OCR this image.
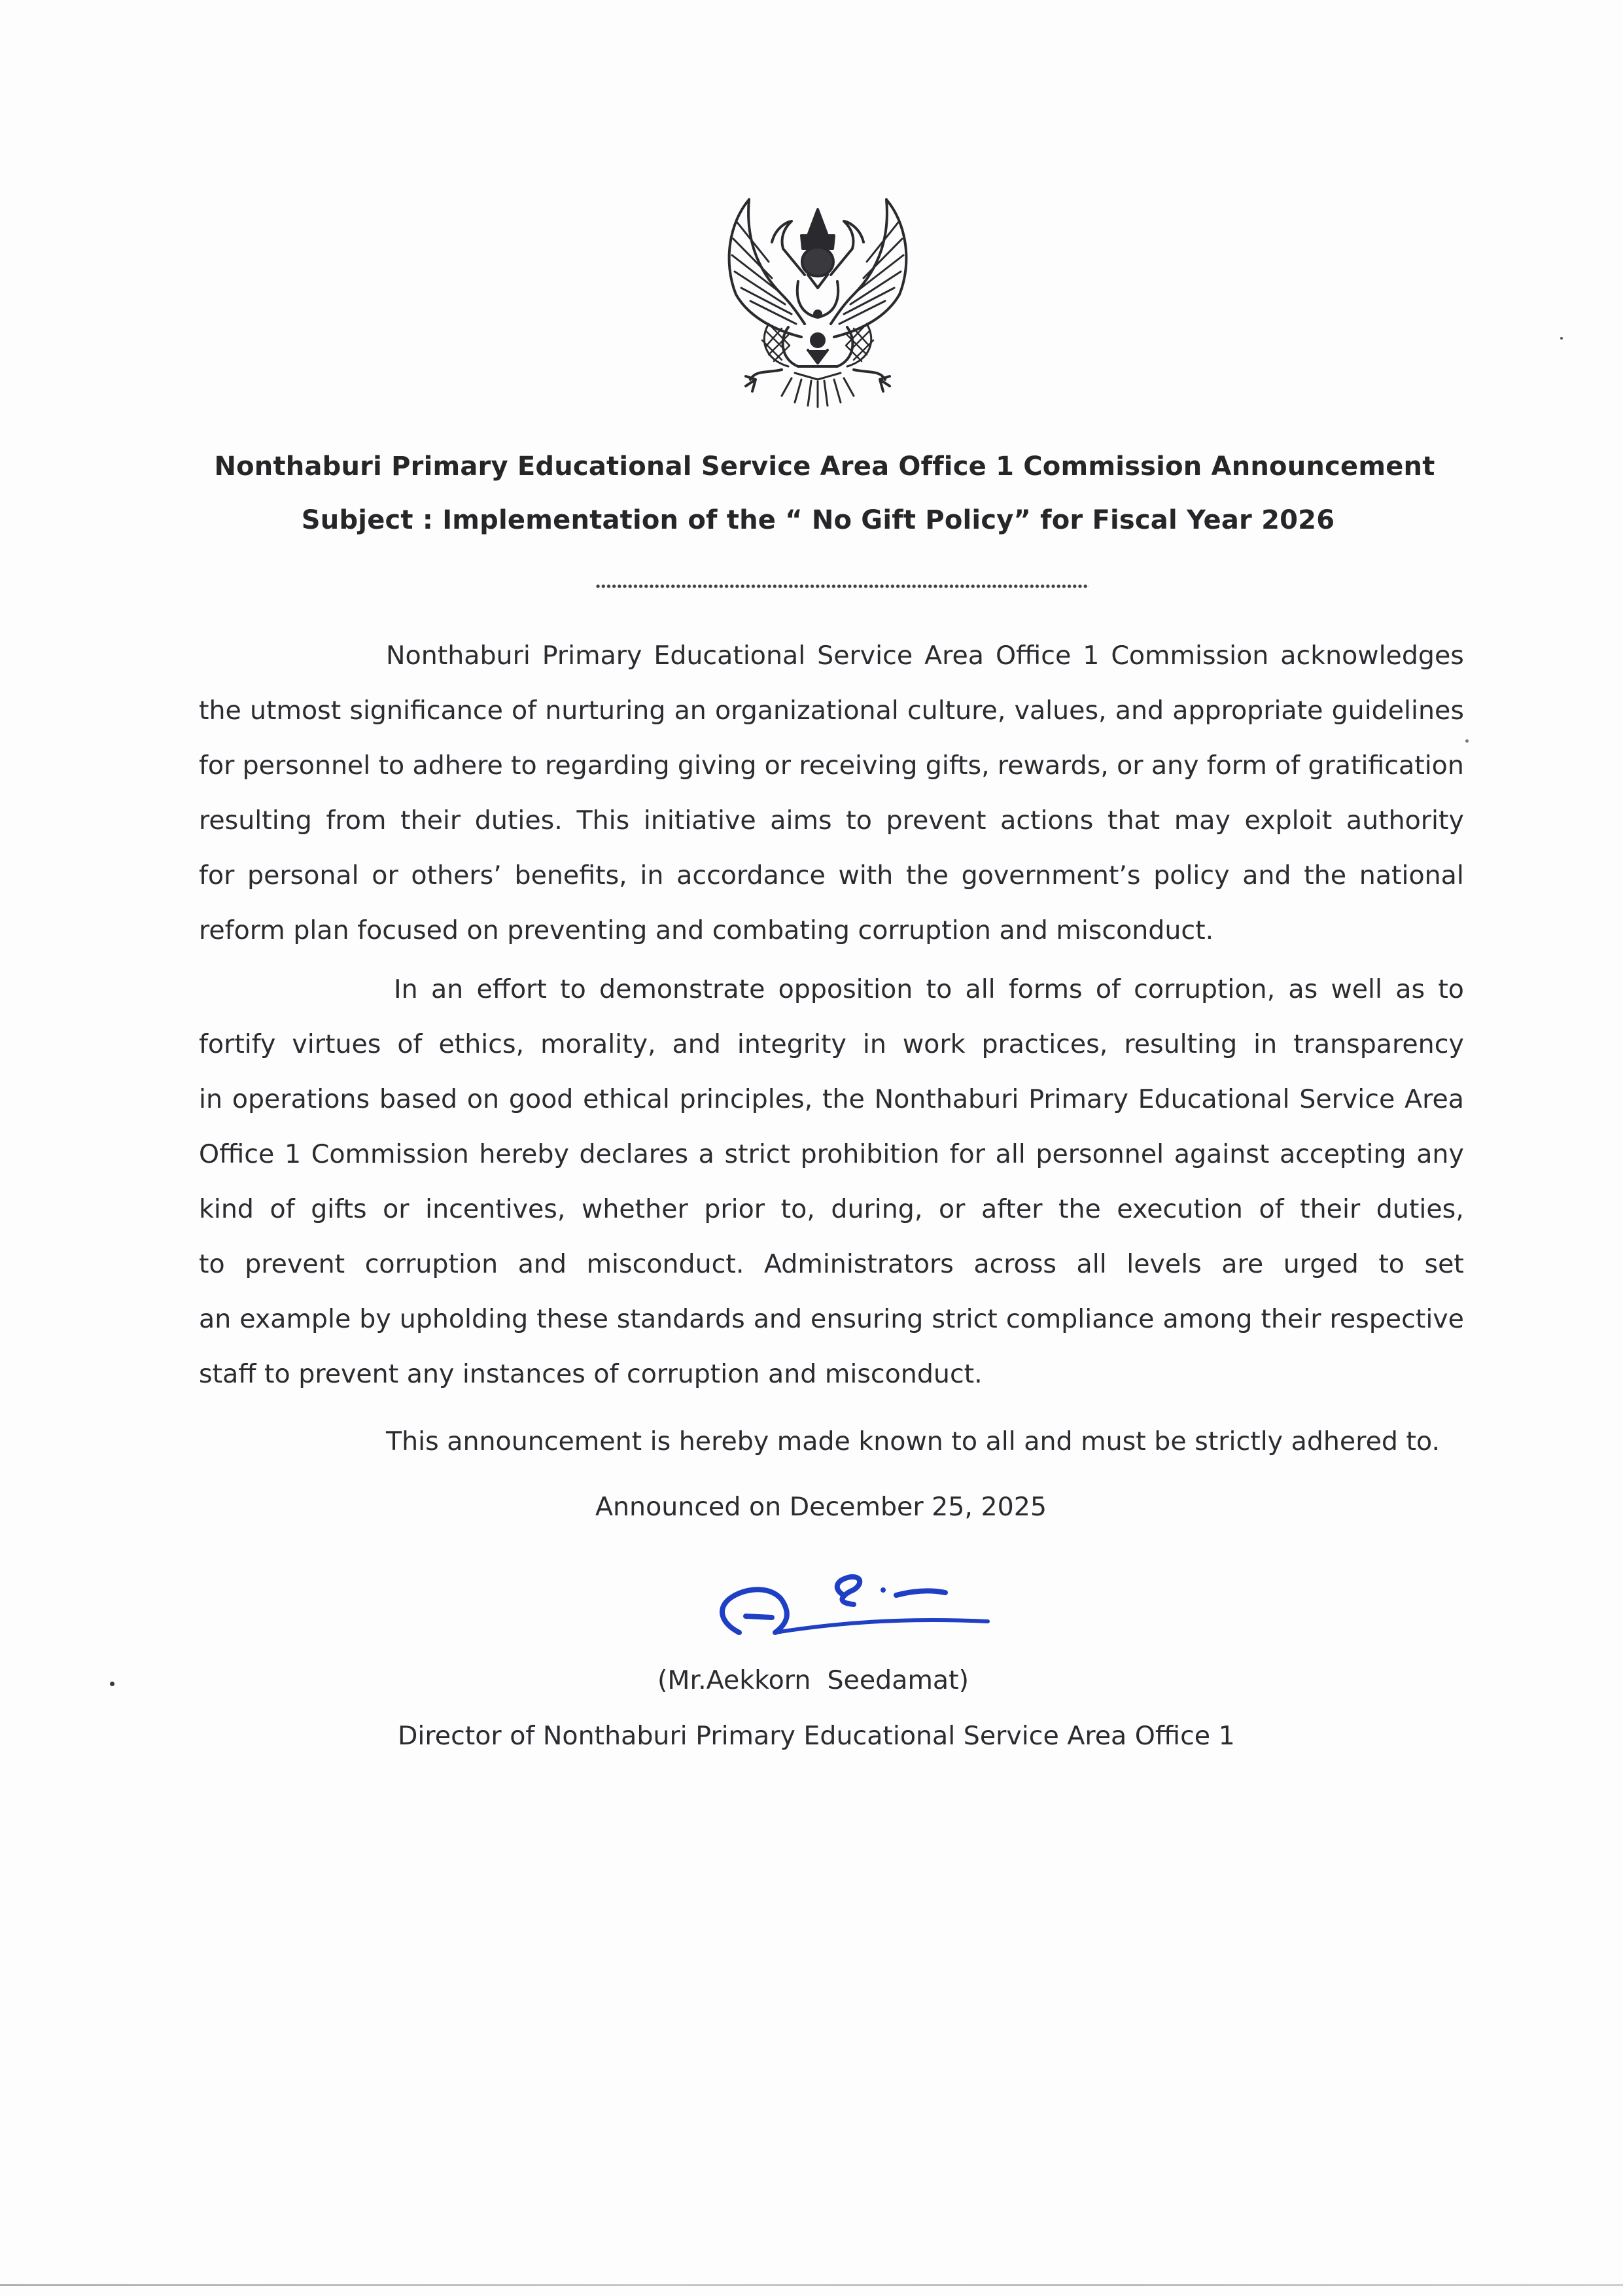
Nonthaburi Primary Educational Service Area Office 1 Commission Announcement
Subject : Implementation of the “ No Gift Policy” for Fiscal Year 2026
Nonthaburi Primary Educational Service Area Office 1 Commission acknowledges
the utmost significance of nurturing an organizational culture, values, and appropriate guidelines
for personnel to adhere to regarding giving or receiving gifts, rewards, or any form of gratification
resulting from their duties. This initiative aims to prevent actions that may exploit authority
for personal or others’ benefits, in accordance with the government’s policy and the national
reform plan focused on preventing and combating corruption and misconduct.
In an effort to demonstrate opposition to all forms of corruption, as well as to
fortify virtues of ethics, morality, and integrity in work practices, resulting in transparency
in operations based on good ethical principles, the Nonthaburi Primary Educational Service Area
Office 1 Commission hereby declares a strict prohibition for all personnel against accepting any
kind of gifts or incentives, whether prior to, during, or after the execution of their duties,
to prevent corruption and misconduct. Administrators across all levels are urged to set
an example by upholding these standards and ensuring strict compliance among their respective
staff to prevent any instances of corruption and misconduct.
This announcement is hereby made known to all and must be strictly adhered to.
Announced on December 25, 2025
(Mr.Aekkorn  Seedamat)
Director of Nonthaburi Primary Educational Service Area Office 1
